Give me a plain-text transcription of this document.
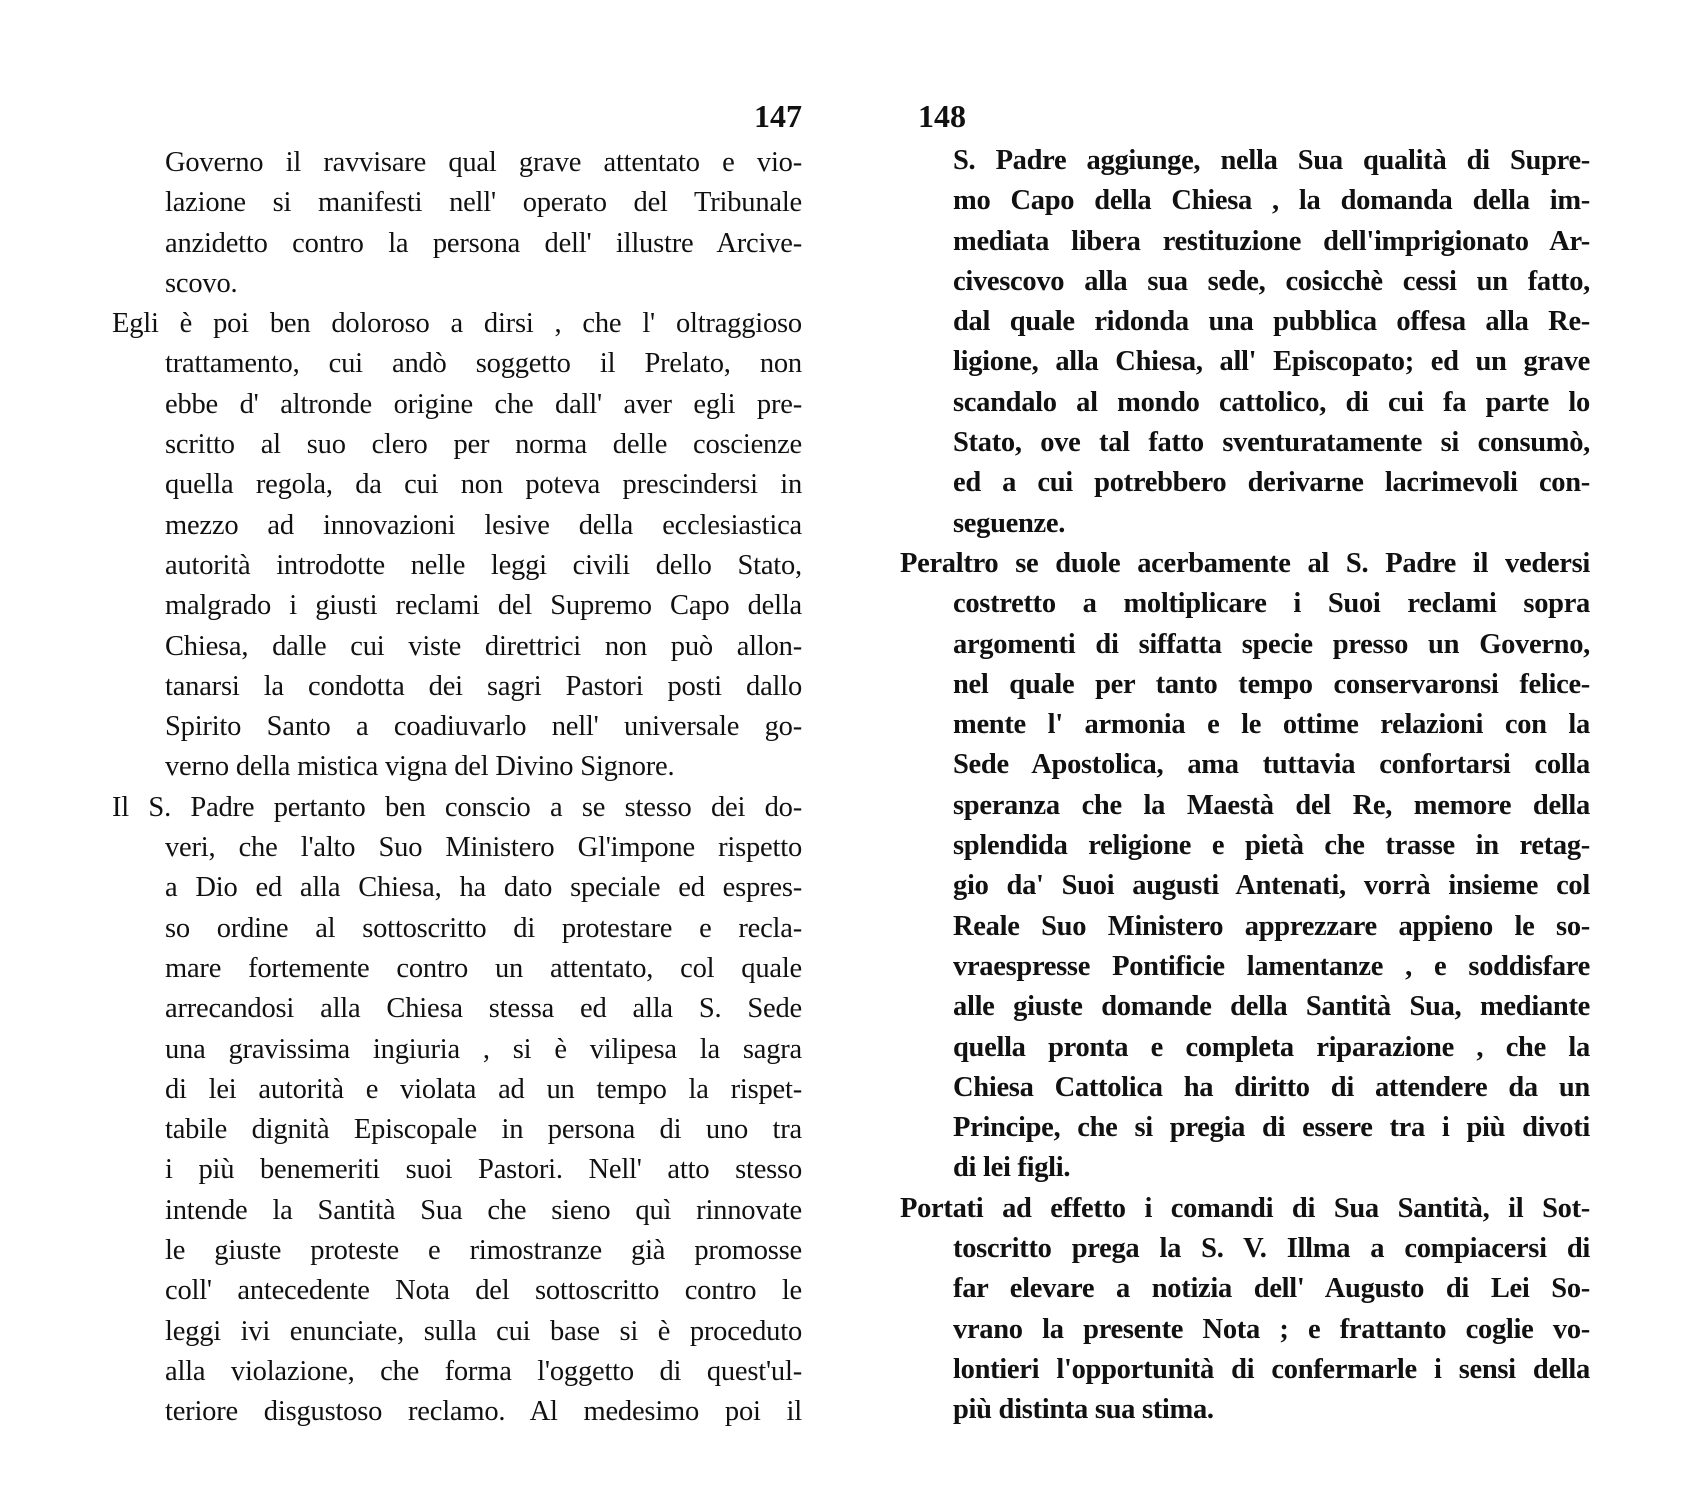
147
Governo il ravvisare qual grave attentato e vio-
lazione si manifesti nell' operato del Tribunale
anzidetto contro la persona dell' illustre Arcive-
scovo.
Egli è poi ben doloroso a dirsi , che l' oltraggioso
trattamento, cui andò soggetto il Prelato, non
ebbe d' altronde origine che dall' aver egli pre-
scritto al suo clero per norma delle coscienze
quella regola, da cui non poteva prescindersi in
mezzo ad innovazioni lesive della ecclesiastica
autorità introdotte nelle leggi civili dello Stato,
malgrado i giusti reclami del Supremo Capo della
Chiesa, dalle cui viste direttrici non può allon-
tanarsi la condotta dei sagri Pastori posti dallo
Spirito Santo a coadiuvarlo nell' universale go-
verno della mistica vigna del Divino Signore.
Il S. Padre pertanto ben conscio a se stesso dei do-
veri, che l'alto Suo Ministero Gl'impone rispetto
a Dio ed alla Chiesa, ha dato speciale ed espres-
so ordine al sottoscritto di protestare e recla-
mare fortemente contro un attentato, col quale
arrecandosi alla Chiesa stessa ed alla S. Sede
una gravissima ingiuria , si è vilipesa la sagra
di lei autorità e violata ad un tempo la rispet-
tabile dignità Episcopale in persona di uno tra
i più benemeriti suoi Pastori. Nell' atto stesso
intende la Santità Sua che sieno quì rinnovate
le giuste proteste e rimostranze già promosse
coll' antecedente Nota del sottoscritto contro le
leggi ivi enunciate, sulla cui base si è proceduto
alla violazione, che forma l'oggetto di quest'ul-
teriore disgustoso reclamo. Al medesimo poi il
148
S. Padre aggiunge, nella Sua qualità di Supre-
mo Capo della Chiesa , la domanda della im-
mediata libera restituzione dell'imprigionato Ar-
civescovo alla sua sede, cosicchè cessi un fatto,
dal quale ridonda una pubblica offesa alla Re-
ligione, alla Chiesa, all' Episcopato; ed un grave
scandalo al mondo cattolico, di cui fa parte lo
Stato, ove tal fatto sventuratamente si consumò,
ed a cui potrebbero derivarne lacrimevoli con-
seguenze.
Peraltro se duole acerbamente al S. Padre il vedersi
costretto a moltiplicare i Suoi reclami sopra
argomenti di siffatta specie presso un Governo,
nel quale per tanto tempo conservaronsi felice-
mente l' armonia e le ottime relazioni con la
Sede Apostolica, ama tuttavia confortarsi colla
speranza che la Maestà del Re, memore della
splendida religione e pietà che trasse in retag-
gio da' Suoi augusti Antenati, vorrà insieme col
Reale Suo Ministero apprezzare appieno le so-
vraespresse Pontificie lamentanze , e soddisfare
alle giuste domande della Santità Sua, mediante
quella pronta e completa riparazione , che la
Chiesa Cattolica ha diritto di attendere da un
Principe, che si pregia di essere tra i più divoti
di lei figli.
Portati ad effetto i comandi di Sua Santità, il Sot-
toscritto prega la S. V. Illma a compiacersi di
far elevare a notizia dell' Augusto di Lei So-
vrano la presente Nota ; e frattanto coglie vo-
lontieri l'opportunità di confermarle i sensi della
più distinta sua stima.
